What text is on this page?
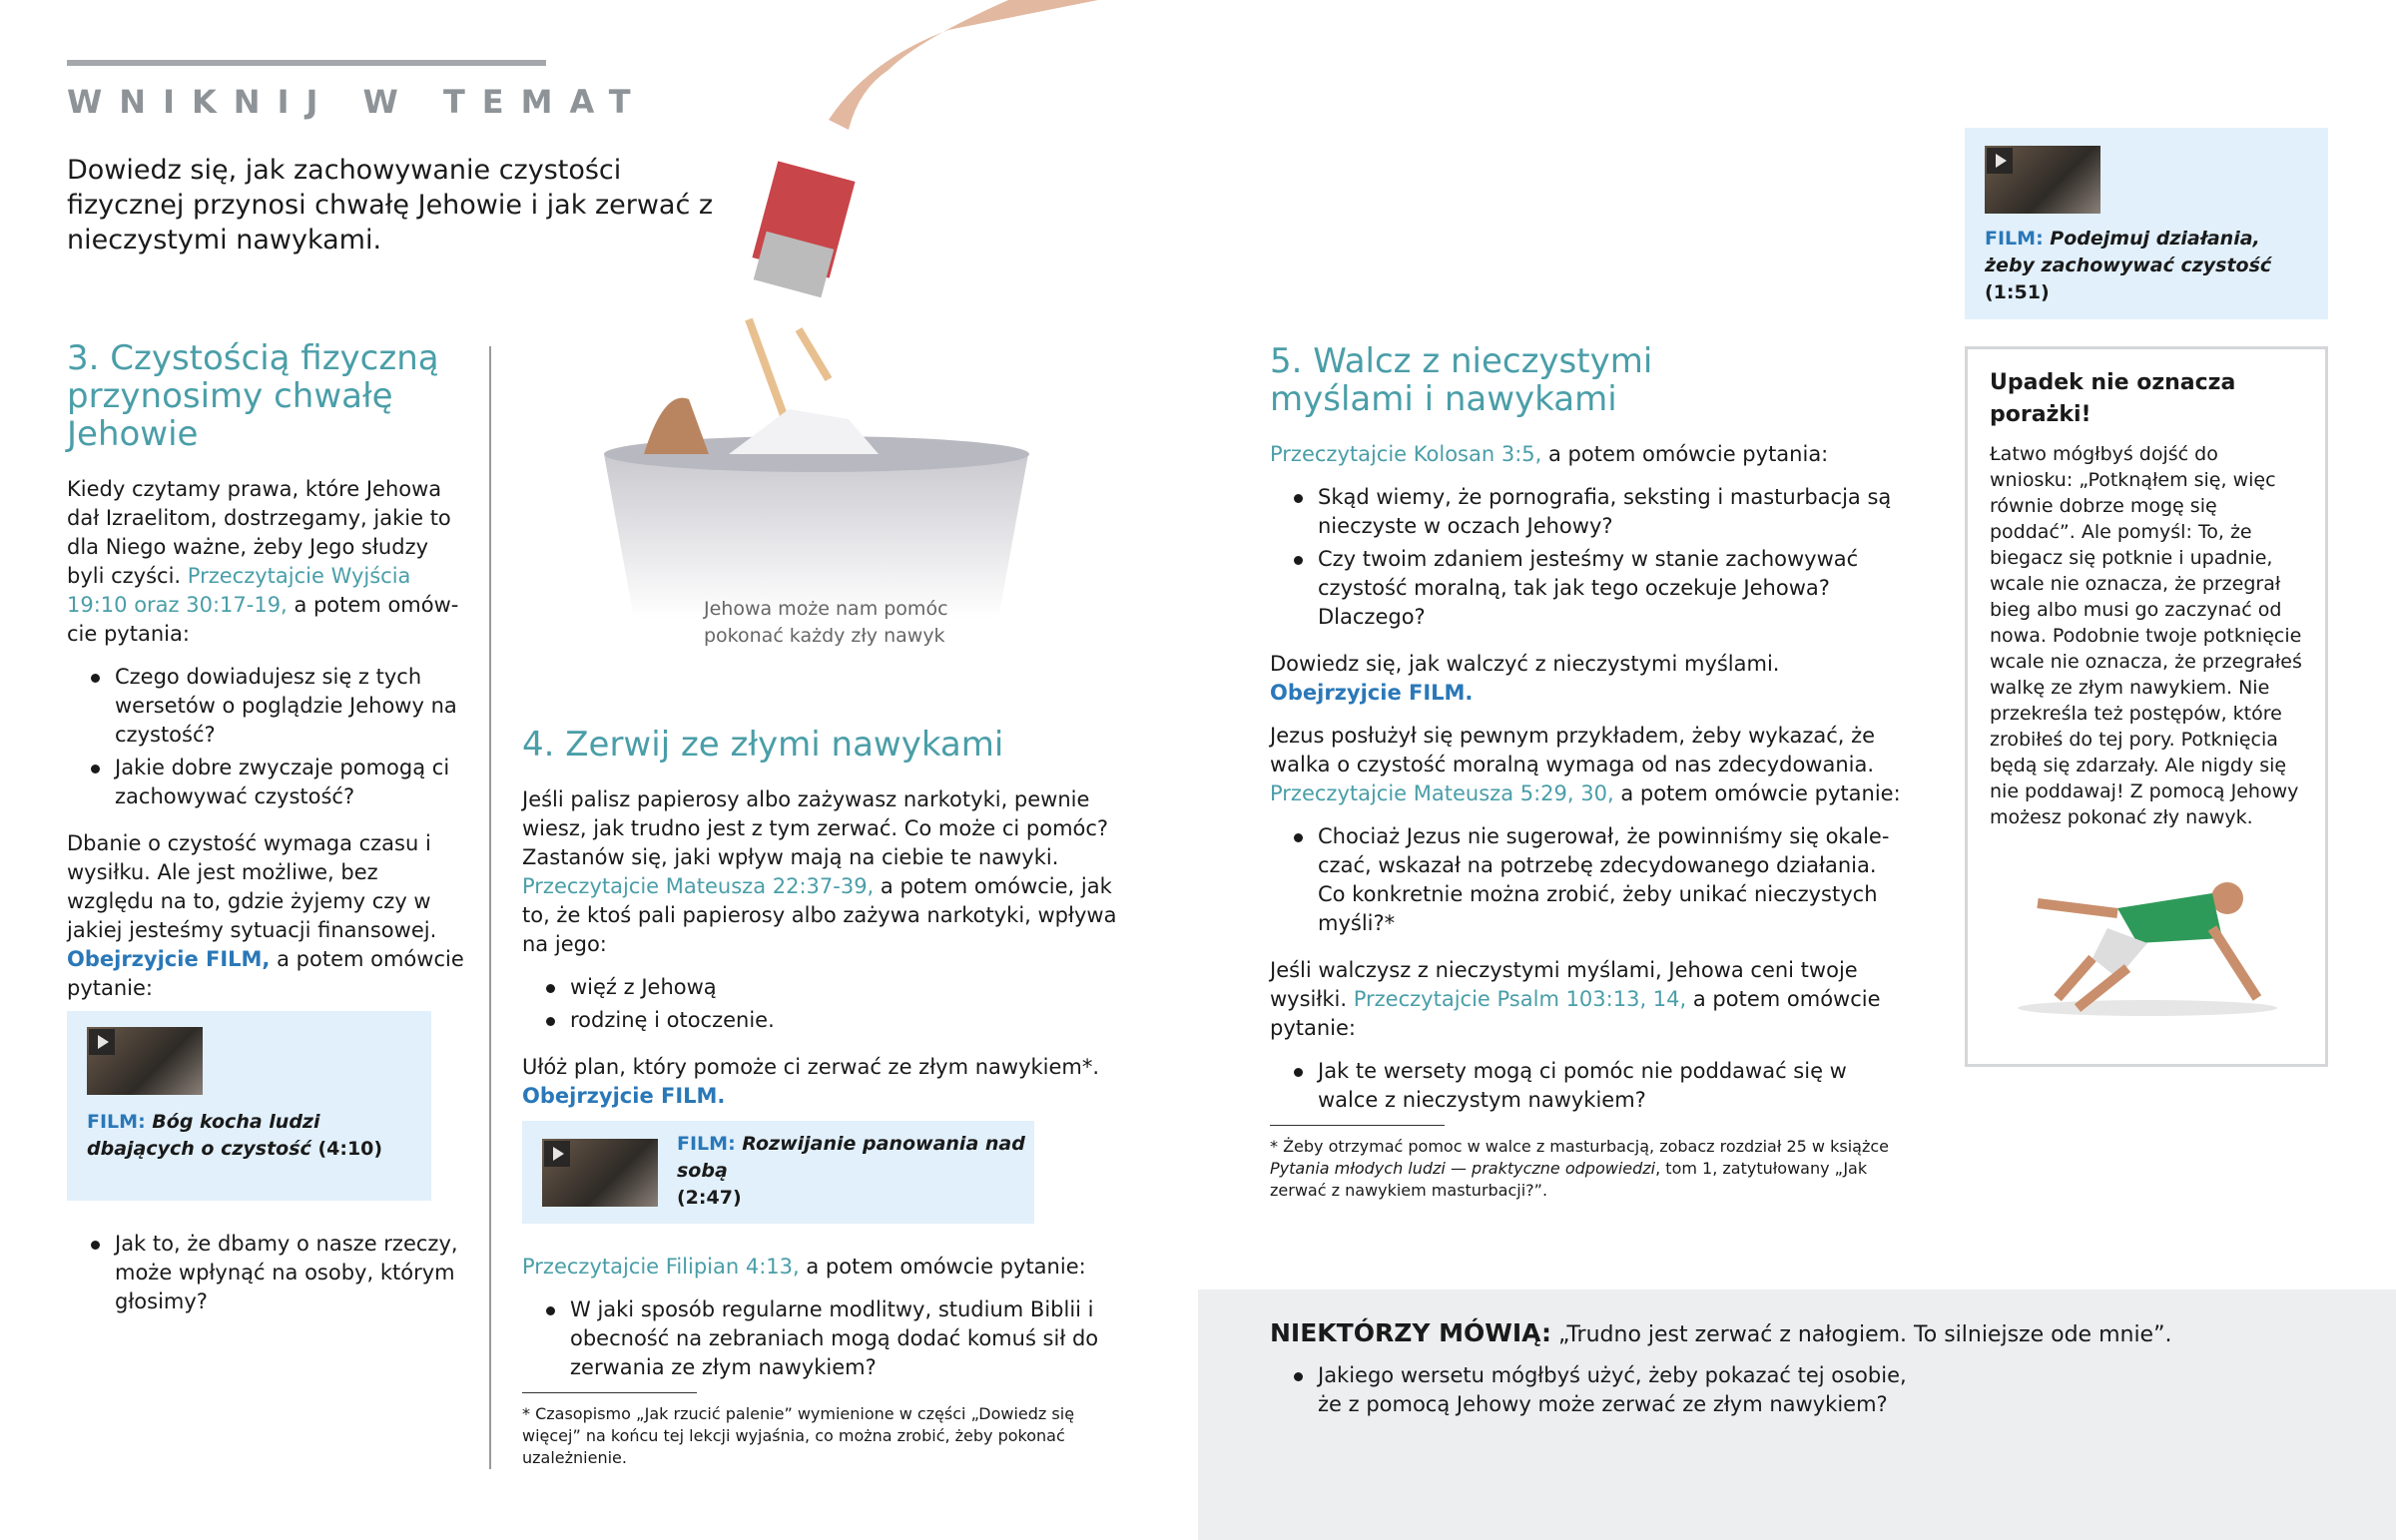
WNIKNIJ W TEMAT
Dowiedz się, jak zachowywanie czystości fizycznej przynosi chwałę Jehowie i jak zerwać z nieczystymi nawykami.
Jehowa może nam pomóc pokonać każdy zły nawyk
3. Czystością fizyczną przynosimy chwałę Jehowie

Kiedy czytamy prawa, które Jehowa dał Izraelitom, dostrzegamy, jakie to dla Niego ważne, żeby Jego słudzy byli czyści. Przeczytajcie Wyjścia 19:10 oraz 30:17-19, a potem omówcie pytania:

Czego dowiadujesz się z tych wersetów o poglądzie Jehowy na czystość?
Jakie dobre zwyczaje pomogą ci zachowywać czystość?

Dbanie o czystość wymaga czasu i wysiłku. Ale jest możliwe, bez względu na to, gdzie żyjemy czy w jakiej jesteśmy sytuacji finansowej. Obejrzyjcie FILM, a potem omówcie pytanie:

FILM: Bóg kocha ludzi dbających o czystość (4:10)
Jak to, że dbamy o nasze rzeczy, może wpłynąć na osoby, którym głosimy?
4. Zerwij ze złymi nawykami

Jeśli palisz papierosy albo zażywasz narkotyki, pewnie wiesz, jak trudno jest z tym zerwać. Co może ci pomóc? Zastanów się, jaki wpływ mają na ciebie te nawyki. Przeczytajcie Mateusza 22:37-39, a potem omówcie, jak to, że ktoś pali papierosy albo zażywa narkotyki, wpływa na jego:

więź z Jehową
rodzinę i otoczenie.

Ułóż plan, który pomoże ci zerwać ze złym nawykiem*.
Obejrzyjcie FILM.

FILM: Rozwijanie panowania nad sobą
(2:47)

Przeczytajcie Filipian 4:13, a potem omówcie pytanie:

W jaki sposób regularne modlitwy, studium Biblii i obecność na zebraniach mogą dodać komuś sił do zerwania ze złym nawykiem?
* Czasopismo „Jak rzucić palenie” wymienione w części „Dowiedz się więcej” na końcu tej lekcji wyjaśnia, co można zrobić, żeby pokonać uzależnienie.
5. Walcz z nieczystymi myślami i nawykami

Przeczytajcie Kolosan 3:5, a potem omówcie pytania:

Skąd wiemy, że pornografia, seksting i masturbacja są nieczyste w oczach Jehowy?
Czy twoim zdaniem jesteśmy w stanie zachowywać czystość moralną, tak jak tego oczekuje Jehowa? Dlaczego?

Dowiedz się, jak walczyć z nieczystymi myślami. Obejrzyjcie FILM.

Jezus posłużył się pewnym przykładem, żeby wykazać, że walka o czystość moralną wymaga od nas zdecydowania. Przeczytajcie Mateusza 5:29, 30, a potem omówcie pytanie:

Chociaż Jezus nie sugerował, że powinniśmy się okaleczać, wskazał na potrzebę zdecydowanego działania. Co konkretnie można zrobić, żeby unikać nieczystych myśli?*

Jeśli walczysz z nieczystymi myślami, Jehowa ceni twoje wysiłki. Przeczytajcie Psalm 103:13, 14, a potem omówcie pytanie:

Jak te wersety mogą ci pomóc nie poddawać się w walce z nieczystym nawykiem?
* Żeby otrzymać pomoc w walce z masturbacją, zobacz rozdział 25 w książce Pytania młodych ludzi — praktyczne odpowiedzi, tom 1, zatytułowany „Jak zerwać z nawykiem masturbacji?”.
FILM: Podejmuj działania, żeby zachowywać czystość (1:51)
Upadek nie oznacza porażki!
Łatwo mógłbyś dojść do wniosku: „Potknąłem się, więc równie dobrze mogę się poddać”. Ale pomyśl: To, że biegacz się potknie i upadnie, wcale nie oznacza, że przegrał bieg albo musi go zaczynać od nowa. Podobnie twoje potknięcie wcale nie oznacza, że przegrałeś walkę ze złym nawykiem. Nie przekreśla też postępów, które zrobiłeś do tej pory. Potknięcia będą się zdarzały. Ale nigdy się nie poddawaj! Z pomocą Jehowy możesz pokonać zły nawyk.
NIEKTÓRZY MÓWIĄ: „Trudno jest zerwać z nałogiem. To silniejsze ode mnie”.
Jakiego wersetu mógłbyś użyć, żeby pokazać tej osobie, że z pomocą Jehowy może zerwać ze złym nawykiem?
